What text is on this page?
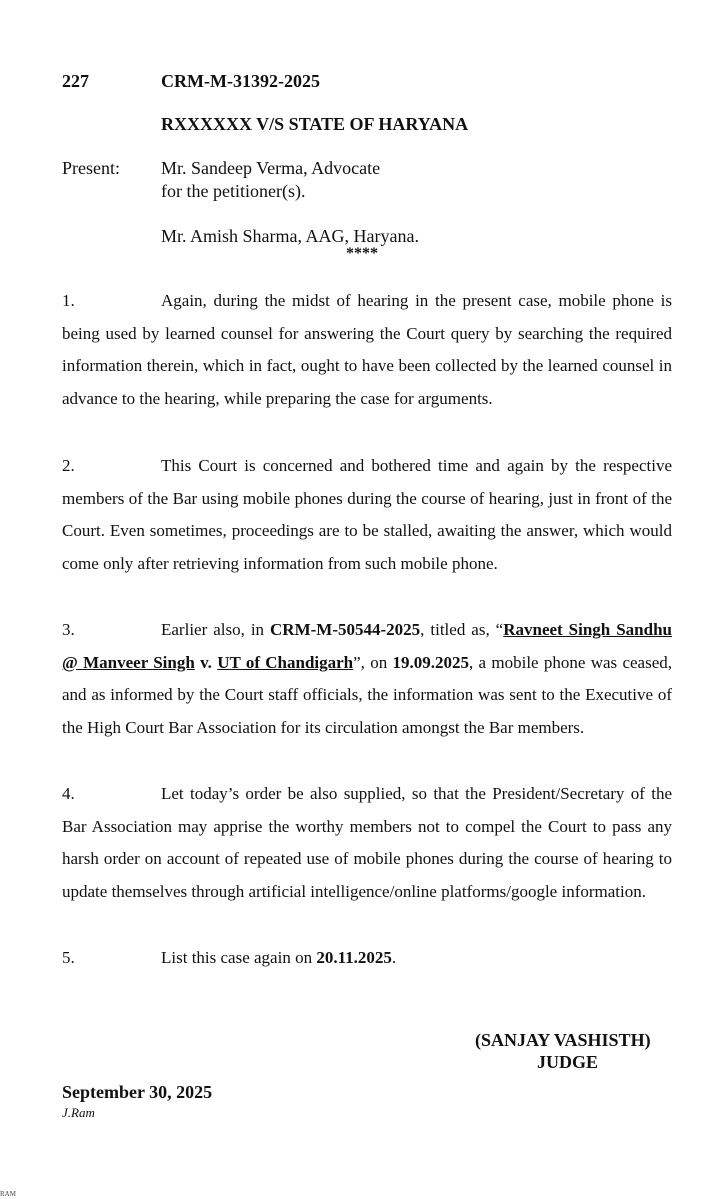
227	CRM-M-31392-2025
RXXXXXX V/S STATE OF HARYANA
Present: Mr. Sandeep Verma, Advocate
for the petitioner(s).
Mr. Amish Sharma, AAG, Haryana.
****
1.	Again, during the midst of hearing in the present case, mobile phone is being used by learned counsel for answering the Court query by searching the required information therein, which in fact, ought to have been collected by the learned counsel in advance to the hearing, while preparing the case for arguments.
2.	This Court is concerned and bothered time and again by the respective members of the Bar using mobile phones during the course of hearing, just in front of the Court. Even sometimes, proceedings are to be stalled, awaiting the answer, which would come only after retrieving information from such mobile phone.
3.	Earlier also, in CRM-M-50544-2025, titled as, “Ravneet Singh Sandhu @ Manveer Singh v. UT of Chandigarh”, on 19.09.2025, a mobile phone was ceased, and as informed by the Court staff officials, the information was sent to the Executive of the High Court Bar Association for its circulation amongst the Bar members.
4.	Let today’s order be also supplied, so that the President/Secretary of the Bar Association may apprise the worthy members not to compel the Court to pass any harsh order on account of repeated use of mobile phones during the course of hearing to update themselves through artificial intelligence/online platforms/google information.
5.	List this case again on 20.11.2025.
(SANJAY VASHISTH)
JUDGE
September 30, 2025
J.Ram
RAM
